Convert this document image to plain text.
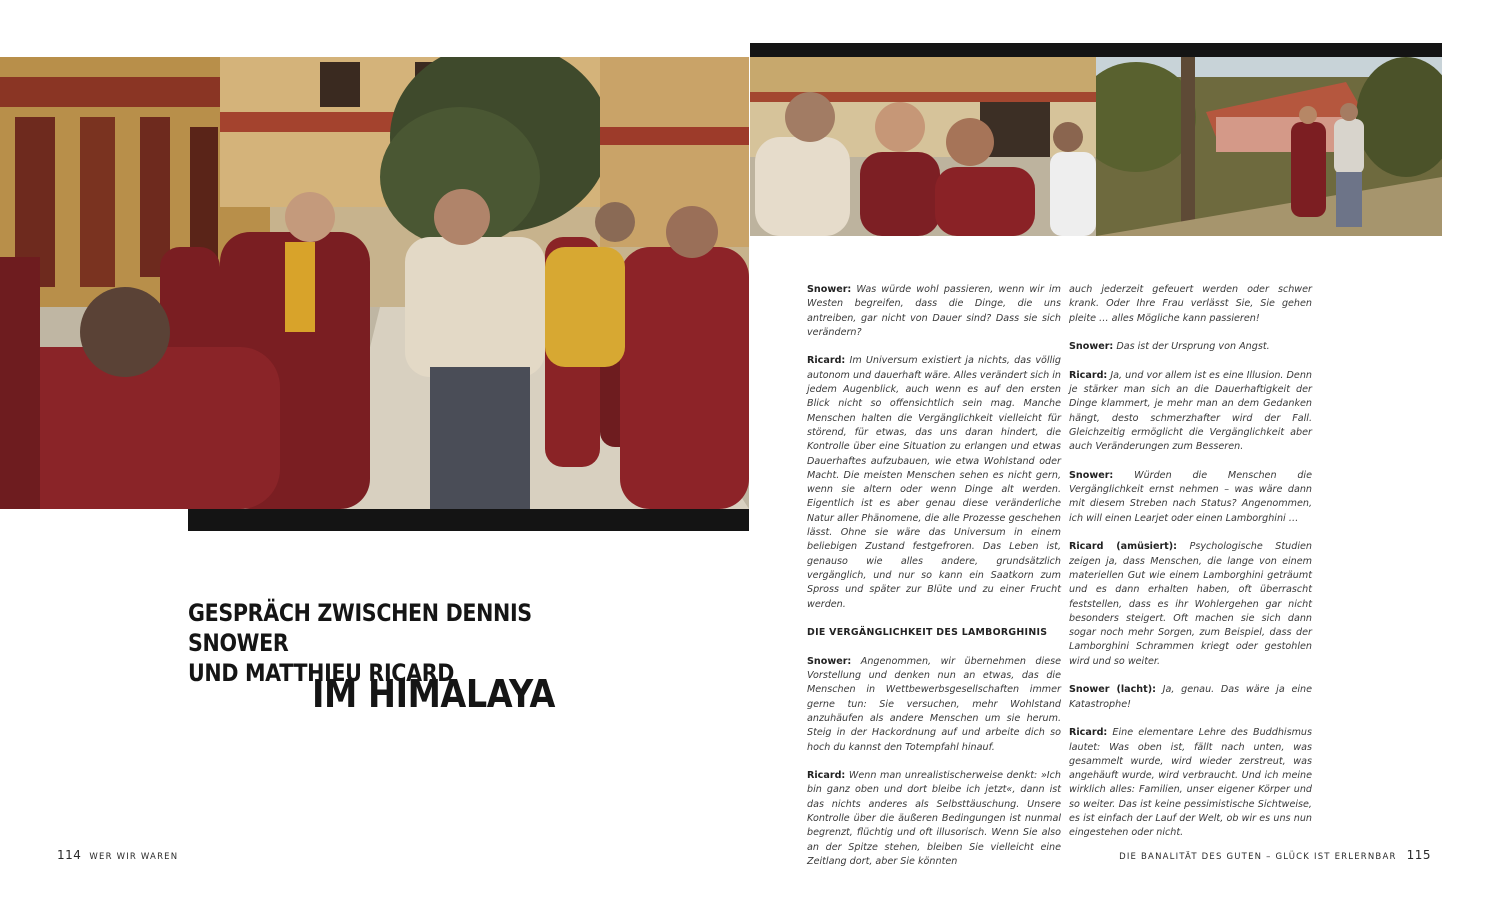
GESPRÄCH ZWISCHEN DENNIS SNOWER
UND MATTHIEU RICARD
IM HIMALAYA

Snower: Was würde wohl passieren, wenn wir im Westen begreifen, dass die Dinge, die uns antreiben, gar nicht von Dauer sind? Dass sie sich verändern?

Ricard: Im Universum existiert ja nichts, das völlig autonom und dauerhaft wäre. Alles verändert sich in jedem Augenblick, auch wenn es auf den ersten Blick nicht so offensichtlich sein mag. Manche Menschen halten die Vergänglichkeit vielleicht für störend, für etwas, das uns daran hindert, die Kontrolle über eine Situation zu erlangen und etwas Dauerhaftes aufzubauen, wie etwa Wohlstand oder Macht. Die meisten Menschen sehen es nicht gern, wenn sie altern oder wenn Dinge alt werden. Eigentlich ist es aber genau diese veränderliche Natur aller Phänomene, die alle Prozesse geschehen lässt. Ohne sie wäre das Universum in einem beliebigen Zustand festgefroren. Das Leben ist, genauso wie alles andere, grundsätzlich vergänglich, und nur so kann ein Saatkorn zum Spross und später zur Blüte und zu einer Frucht werden.

DIE VERGÄNGLICHKEIT DES LAMBORGHINIS

Snower: Angenommen, wir übernehmen diese Vorstellung und denken nun an etwas, das die Menschen in Wettbewerbsgesellschaften immer gerne tun: Sie versuchen, mehr Wohlstand anzuhäufen als andere Menschen um sie herum. Steig in der Hackordnung auf und arbeite dich so hoch du kannst den Totempfahl hinauf.

Ricard: Wenn man unrealistischerweise denkt: »Ich bin ganz oben und dort bleibe ich jetzt«, dann ist das nichts anderes als Selbsttäuschung. Unsere Kontrolle über die äußeren Bedingungen ist nunmal begrenzt, flüchtig und oft illusorisch. Wenn Sie also an der Spitze stehen, bleiben Sie vielleicht eine Zeitlang dort, aber Sie könnten

auch jederzeit gefeuert werden oder schwer krank. Oder Ihre Frau verlässt Sie, Sie gehen pleite … alles Mögliche kann passieren!

Snower: Das ist der Ursprung von Angst.

Ricard: Ja, und vor allem ist es eine Illusion. Denn je stärker man sich an die Dauerhaftigkeit der Dinge klammert, je mehr man an dem Gedanken hängt, desto schmerzhafter wird der Fall. Gleichzeitig ermöglicht die Vergänglichkeit aber auch Veränderungen zum Besseren.

Snower: Würden die Menschen die Vergänglichkeit ernst nehmen – was wäre dann mit diesem Streben nach Status? Angenommen, ich will einen Learjet oder einen Lamborghini …

Ricard (amüsiert): Psychologische Studien zeigen ja, dass Menschen, die lange von einem materiellen Gut wie einem Lamborghini geträumt und es dann erhalten haben, oft überrascht feststellen, dass es ihr Wohlergehen gar nicht besonders steigert. Oft machen sie sich dann sogar noch mehr Sorgen, zum Beispiel, dass der Lamborghini Schrammen kriegt oder gestohlen wird und so weiter.

Snower (lacht): Ja, genau. Das wäre ja eine Katastrophe!

Ricard: Eine elementare Lehre des Buddhismus lautet: Was oben ist, fällt nach unten, was gesammelt wurde, wird wieder zerstreut, was angehäuft wurde, wird verbraucht. Und ich meine wirklich alles: Familien, unser eigener Körper und so weiter. Das ist keine pessimistische Sichtweise, es ist einfach der Lauf der Welt, ob wir es uns nun eingestehen oder nicht.

114 WER WIR WAREN	DIE BANALITÄT DES GUTEN – GLÜCK IST ERLERNBAR 115
